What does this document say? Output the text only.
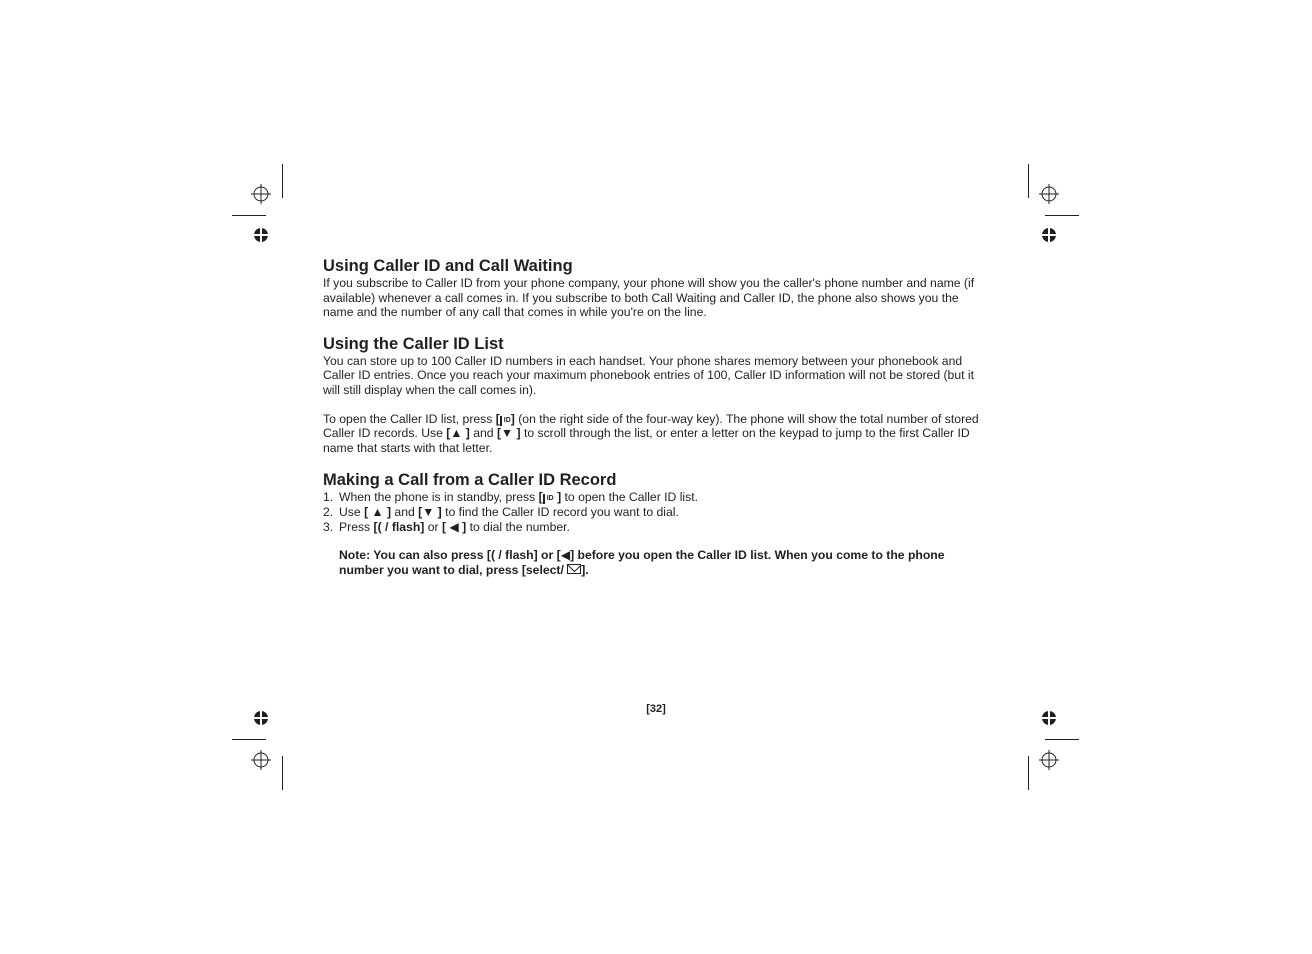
Using Caller ID and Call Waiting

If you subscribe to Caller ID from your phone company, your phone will show you the caller's phone number and name (if available) whenever a call comes in. If you subscribe to both Call Waiting and Caller ID, the phone also shows you the name and the number of any call that comes in while you're on the line.

Using the Caller ID List

You can store up to 100 Caller ID numbers in each handset. Your phone shares memory between your phonebook and Caller ID entries. Once you reach your maximum phonebook entries of 100, Caller ID information will not be stored (but it will still display when the call comes in).

To open the Caller ID list, press [ ID] (on the right side of the four-way key). The phone will show the total number of stored Caller ID records. Use [▲ ] and [▼ ] to scroll through the list, or enter a letter on the keypad to jump to the first Caller ID name that starts with that letter.

Making a Call from a Caller ID Record
1. When the phone is in standby, press [ ID ] to open the Caller ID list.
2. Use [ ▲ ] and [▼ ] to find the Caller ID record you want to dial.
3. Press [( / flash] or [ ◀ ] to dial the number.

Note: You can also press [( / flash] or [◀] before you open the Caller ID list. When you come to the phone number you want to dial, press [select/ ].

[32]
